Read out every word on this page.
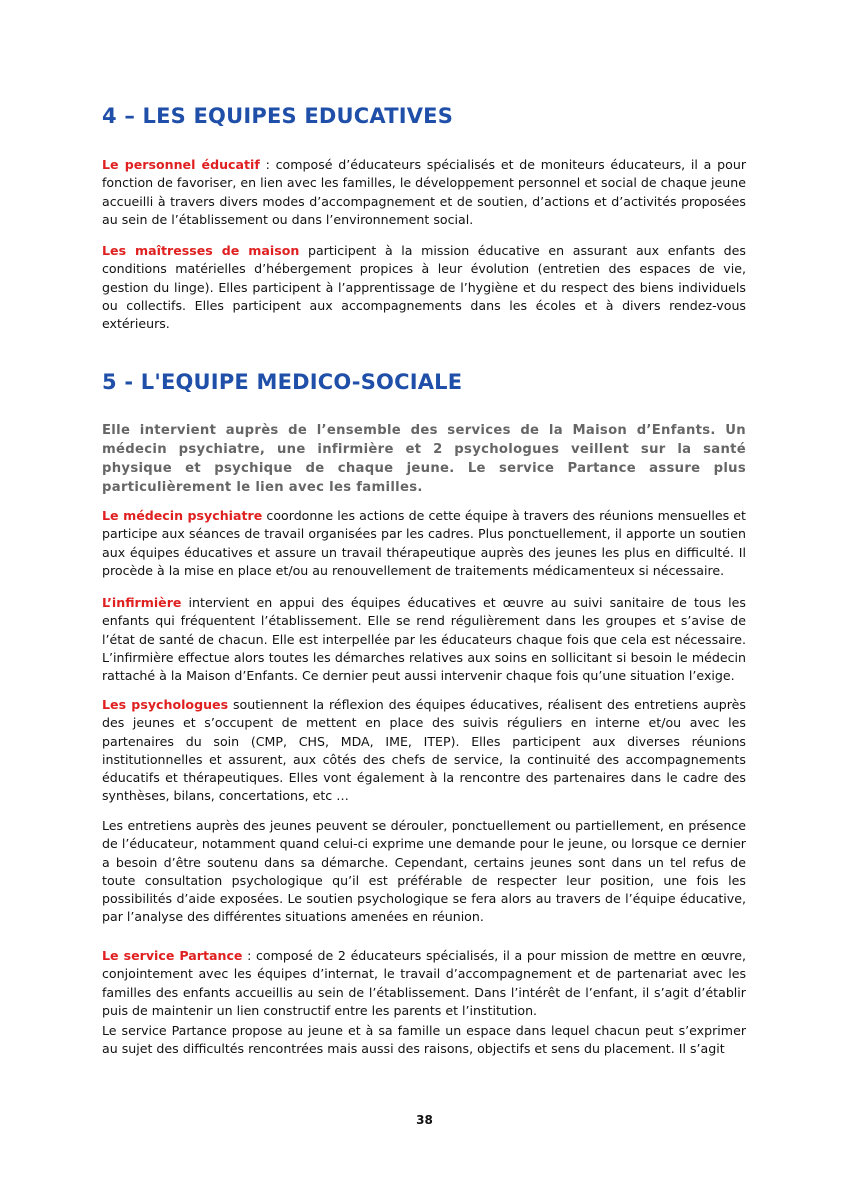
4 – LES EQUIPES EDUCATIVES

Le personnel éducatif : composé d’éducateurs spécialisés et de moniteurs éducateurs, il a pour fonction de favoriser, en lien avec les familles, le développement personnel et social de chaque jeune accueilli à travers divers modes d’accompagnement et de soutien, d’actions et d’activités proposées au sein de l’établissement ou dans l’environnement social.

Les maîtresses de maison participent à la mission éducative en assurant aux enfants des conditions matérielles d’hébergement propices à leur évolution (entretien des espaces de vie, gestion du linge). Elles participent à l’apprentissage de l’hygiène et du respect des biens individuels ou collectifs. Elles participent aux accompagnements dans les écoles et à divers rendez-vous extérieurs.

5 - L'EQUIPE MEDICO-SOCIALE

Elle intervient auprès de l’ensemble des services de la Maison d’Enfants. Un médecin psychiatre, une infirmière et 2 psychologues veillent sur la santé physique et psychique de chaque jeune. Le service Partance assure plus particulièrement le lien avec les familles.

Le médecin psychiatre coordonne les actions de cette équipe à travers des réunions mensuelles et participe aux séances de travail organisées par les cadres. Plus ponctuellement, il apporte un soutien aux équipes éducatives et assure un travail thérapeutique auprès des jeunes les plus en difficulté. Il procède à la mise en place et/ou au renouvellement de traitements médicamenteux si nécessaire.

L’infirmière intervient en appui des équipes éducatives et œuvre au suivi sanitaire de tous les enfants qui fréquentent l’établissement. Elle se rend régulièrement dans les groupes et s’avise de l’état de santé de chacun. Elle est interpellée par les éducateurs chaque fois que cela est nécessaire. L’infirmière effectue alors toutes les démarches relatives aux soins en sollicitant si besoin le médecin rattaché à la Maison d’Enfants. Ce dernier peut aussi intervenir chaque fois qu’une situation l’exige.

Les psychologues soutiennent la réflexion des équipes éducatives, réalisent des entretiens auprès des jeunes et s’occupent de mettent en place des suivis réguliers en interne et/ou avec les partenaires du soin (CMP, CHS, MDA, IME, ITEP). Elles participent aux diverses réunions institutionnelles et assurent, aux côtés des chefs de service, la continuité des accompagnements éducatifs et thérapeutiques. Elles vont également à la rencontre des partenaires dans le cadre des synthèses, bilans, concertations, etc …

Les entretiens auprès des jeunes peuvent se dérouler, ponctuellement ou partiellement, en présence de l’éducateur, notamment quand celui-ci exprime une demande pour le jeune, ou lorsque ce dernier a besoin d’être soutenu dans sa démarche. Cependant, certains jeunes sont dans un tel refus de toute consultation psychologique qu’il est préférable de respecter leur position, une fois les possibilités d’aide exposées. Le soutien psychologique se fera alors au travers de l’équipe éducative, par l’analyse des différentes situations amenées en réunion.

Le service Partance : composé de 2 éducateurs spécialisés, il a pour mission de mettre en œuvre, conjointement avec les équipes d’internat, le travail d’accompagnement et de partenariat avec les familles des enfants accueillis au sein de l’établissement. Dans l’intérêt de l’enfant, il s’agit d’établir puis de maintenir un lien constructif entre les parents et l’institution.

Le service Partance propose au jeune et à sa famille un espace dans lequel chacun peut s’exprimer au sujet des difficultés rencontrées mais aussi des raisons, objectifs et sens du placement. Il s’agit

38
